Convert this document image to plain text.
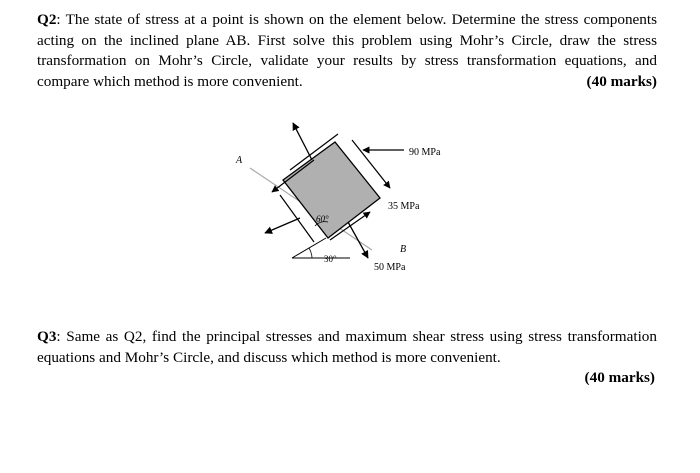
Q2: The state of stress at a point is shown on the element below. Determine the stress components acting on the inclined plane AB. First solve this problem using Mohr’s Circle, draw the stress transformation on Mohr’s Circle, validate your results by stress transformation equations, and compare which method is more convenient.	(40 marks)

A
B
90 MPa
35 MPa
50 MPa
60°
30°

Q3: Same as Q2, find the principal stresses and maximum shear stress using stress transformation equations and Mohr’s Circle, and discuss which method is more convenient.

(40 marks)
